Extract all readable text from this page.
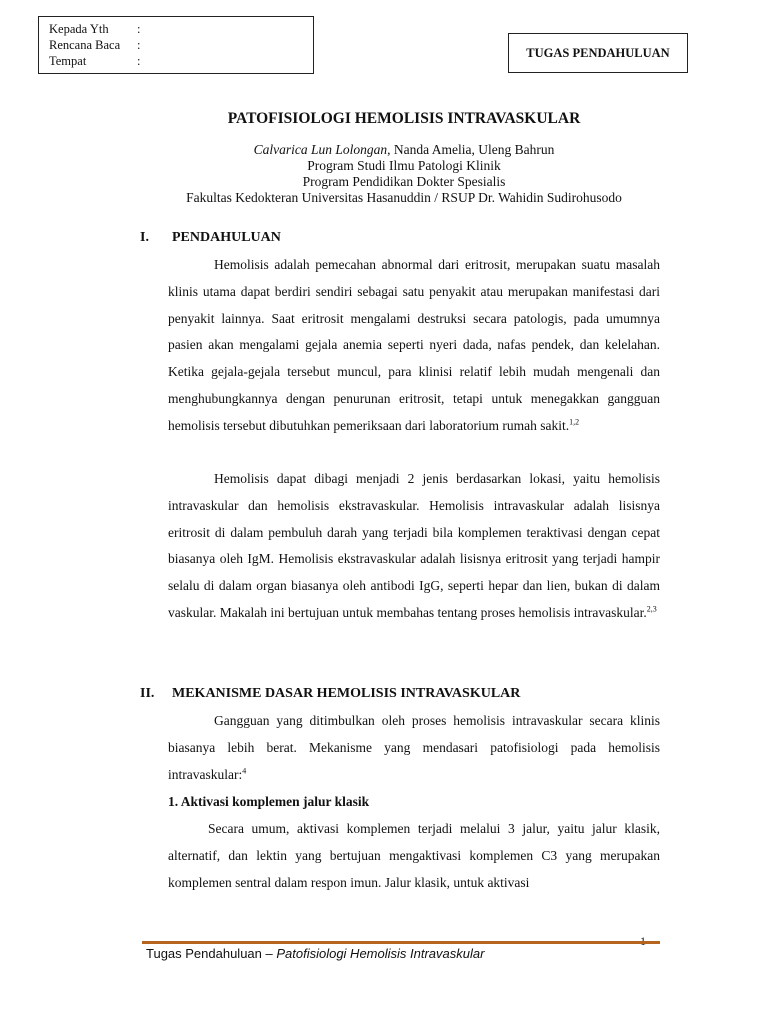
Kepada Yth	:
Rencana Baca	:
Tempat	:
TUGAS PENDAHULUAN
PATOFISIOLOGI HEMOLISIS INTRAVASKULAR
Calvarica Lun Lolongan, Nanda Amelia, Uleng Bahrun
Program Studi Ilmu Patologi Klinik
Program Pendidikan Dokter Spesialis
Fakultas Kedokteran Universitas Hasanuddin / RSUP Dr. Wahidin Sudirohusodo
I.	PENDAHULUAN

Hemolisis adalah pemecahan abnormal dari eritrosit, merupakan suatu masalah klinis utama dapat berdiri sendiri sebagai satu penyakit atau merupakan manifestasi dari penyakit lainnya. Saat eritrosit mengalami destruksi secara patologis, pada umumnya pasien akan mengalami gejala anemia seperti nyeri dada, nafas pendek, dan kelelahan. Ketika gejala-gejala tersebut muncul, para klinisi relatif lebih mudah mengenali dan menghubungkannya dengan penurunan eritrosit, tetapi untuk menegakkan gangguan hemolisis tersebut dibutuhkan pemeriksaan dari laboratorium rumah sakit.$^{1,2}$

Hemolisis dapat dibagi menjadi 2 jenis berdasarkan lokasi, yaitu hemolisis intravaskular dan hemolisis ekstravaskular. Hemolisis intravaskular adalah lisisnya eritrosit di dalam pembuluh darah yang terjadi bila komplemen teraktivasi dengan cepat biasanya oleh IgM. Hemolisis ekstravaskular adalah lisisnya eritrosit yang terjadi hampir selalu di dalam organ biasanya oleh antibodi IgG, seperti hepar dan lien, bukan di dalam vaskular. Makalah ini bertujuan untuk membahas tentang proses hemolisis intravaskular.$^{2,3}$

II.	MEKANISME DASAR HEMOLISIS INTRAVASKULAR

Gangguan yang ditimbulkan oleh proses hemolisis intravaskular secara klinis biasanya lebih berat. Mekanisme yang mendasari patofisiologi pada hemolisis intravaskular:$^4$

1. Aktivasi komplemen jalur klasik

Secara umum, aktivasi komplemen terjadi melalui 3 jalur, yaitu jalur klasik, alternatif, dan lektin yang bertujuan mengaktivasi komplemen C3 yang merupakan komplemen sentral dalam respon imun. Jalur klasik, untuk aktivasi

Tugas Pendahuluan – Patofisiologi Hemolisis Intravaskular
